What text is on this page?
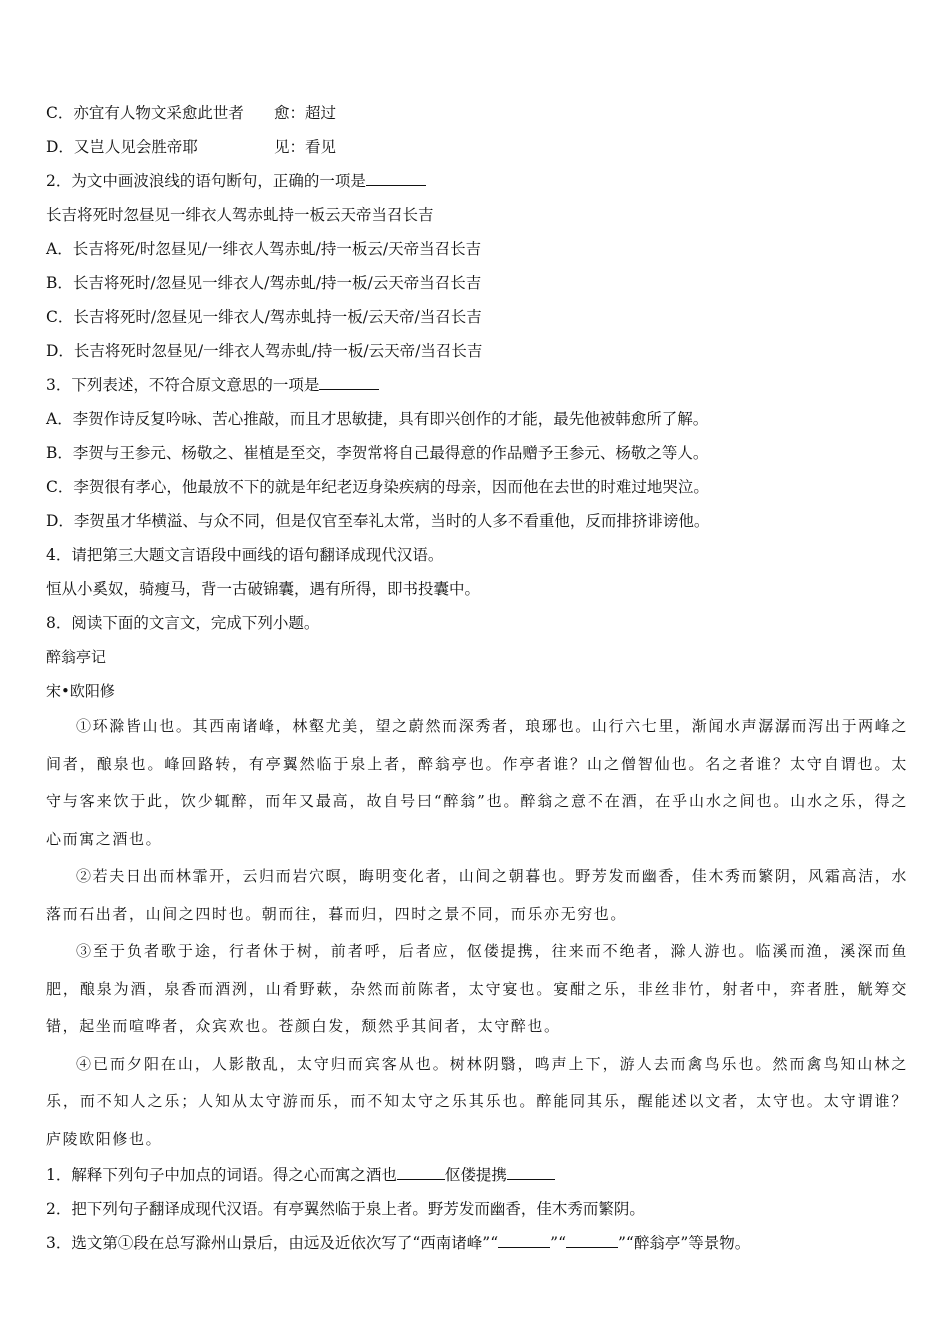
C．亦宜有人物文采愈此世者 愈：超过
D．又岂人见会胜帝耶	见：看见
2．为文中画波浪线的语句断句，正确的一项是
长吉将死时忽昼见一绯衣人驾赤虬持一板云天帝当召长吉
A．长吉将死/时忽昼见/一绯衣人驾赤虬/持一板云/天帝当召长吉
B．长吉将死时/忽昼见一绯衣人/驾赤虬/持一板/云天帝当召长吉
C．长吉将死时/忽昼见一绯衣人/驾赤虬持一板/云天帝/当召长吉
D．长吉将死时忽昼见/一绯衣人驾赤虬/持一板/云天帝/当召长吉
3．下列表述，不符合原文意思的一项是
A．李贺作诗反复吟咏、苦心推敲，而且才思敏捷，具有即兴创作的才能，最先他被韩愈所了解。
B．李贺与王参元、杨敬之、崔植是至交，李贺常将自己最得意的作品赠予王参元、杨敬之等人。
C．李贺很有孝心，他最放不下的就是年纪老迈身染疾病的母亲，因而他在去世的时难过地哭泣。
D．李贺虽才华横溢、与众不同，但是仅官至奉礼太常，当时的人多不看重他，反而排挤诽谤他。
4．请把第三大题文言语段中画线的语句翻译成现代汉语。
恒从小奚奴，骑瘦马，背一古破锦囊，遇有所得，即书投囊中。
8．阅读下面的文言文，完成下列小题。
醉翁亭记
宋•欧阳修

①环滁皆山也。其西南诸峰，林壑尤美，望之蔚然而深秀者，琅琊也。山行六七里，渐闻水声潺潺而泻出于两峰之间者，酿泉也。峰回路转，有亭翼然临于泉上者，醉翁亭也。作亭者谁？山之僧智仙也。名之者谁？太守自谓也。太守与客来饮于此，饮少辄醉，而年又最高，故自号曰“醉翁”也。醉翁之意不在酒，在乎山水之间也。山水之乐，得之心而寓之酒也。

②若夫日出而林霏开，云归而岩穴暝，晦明变化者，山间之朝暮也。野芳发而幽香，佳木秀而繁阴，风霜高洁，水落而石出者，山间之四时也。朝而往，暮而归，四时之景不同，而乐亦无穷也。

③至于负者歌于途，行者休于树，前者呼，后者应，伛偻提携，往来而不绝者，滁人游也。临溪而渔，溪深而鱼肥，酿泉为酒，泉香而酒洌，山肴野蔌，杂然而前陈者，太守宴也。宴酣之乐，非丝非竹，射者中，弈者胜，觥筹交错，起坐而喧哗者，众宾欢也。苍颜白发，颓然乎其间者，太守醉也。

④已而夕阳在山，人影散乱，太守归而宾客从也。树林阴翳，鸣声上下，游人去而禽鸟乐也。然而禽鸟知山林之乐，而不知人之乐；人知从太守游而乐，而不知太守之乐其乐也。醉能同其乐，醒能述以文者，太守也。太守谓谁？庐陵欧阳修也。

1．解释下列句子中加点的词语。得之心而寓之酒也	伛偻提携
2．把下列句子翻译成现代汉语。有亭翼然临于泉上者。野芳发而幽香，佳木秀而繁阴。
3．选文第①段在总写滁州山景后，由远及近依次写了“西南诸峰”“	”“	”“醉翁亭”等景物。
